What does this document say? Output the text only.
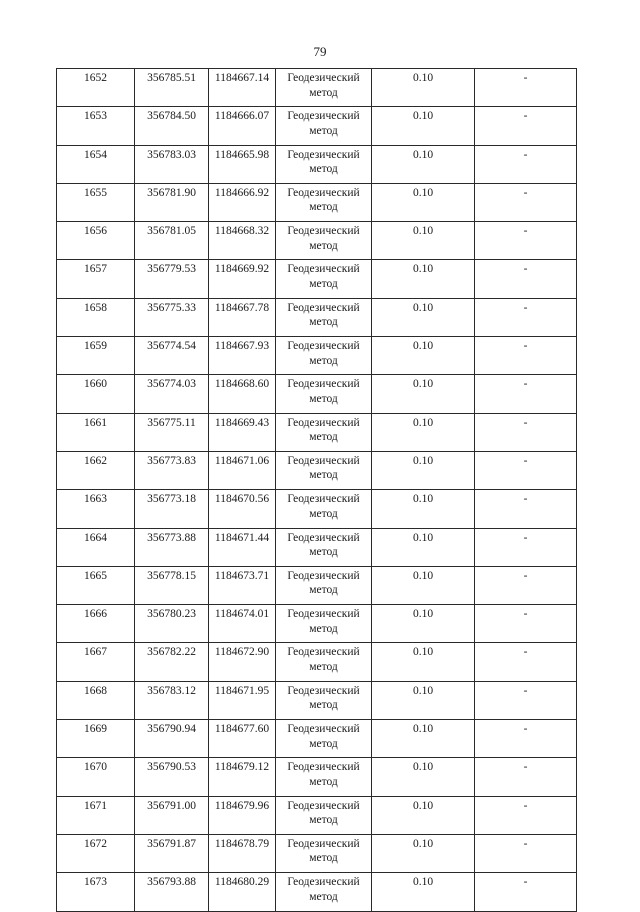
79
1652	356785.51	1184667.14	Геодезический метод	0.10	-
1653	356784.50	1184666.07	Геодезический метод	0.10	-
1654	356783.03	1184665.98	Геодезический метод	0.10	-
1655	356781.90	1184666.92	Геодезический метод	0.10	-
1656	356781.05	1184668.32	Геодезический метод	0.10	-
1657	356779.53	1184669.92	Геодезический метод	0.10	-
1658	356775.33	1184667.78	Геодезический метод	0.10	-
1659	356774.54	1184667.93	Геодезический метод	0.10	-
1660	356774.03	1184668.60	Геодезический метод	0.10	-
1661	356775.11	1184669.43	Геодезический метод	0.10	-
1662	356773.83	1184671.06	Геодезический метод	0.10	-
1663	356773.18	1184670.56	Геодезический метод	0.10	-
1664	356773.88	1184671.44	Геодезический метод	0.10	-
1665	356778.15	1184673.71	Геодезический метод	0.10	-
1666	356780.23	1184674.01	Геодезический метод	0.10	-
1667	356782.22	1184672.90	Геодезический метод	0.10	-
1668	356783.12	1184671.95	Геодезический метод	0.10	-
1669	356790.94	1184677.60	Геодезический метод	0.10	-
1670	356790.53	1184679.12	Геодезический метод	0.10	-
1671	356791.00	1184679.96	Геодезический метод	0.10	-
1672	356791.87	1184678.79	Геодезический метод	0.10	-
1673	356793.88	1184680.29	Геодезический метод	0.10	-
